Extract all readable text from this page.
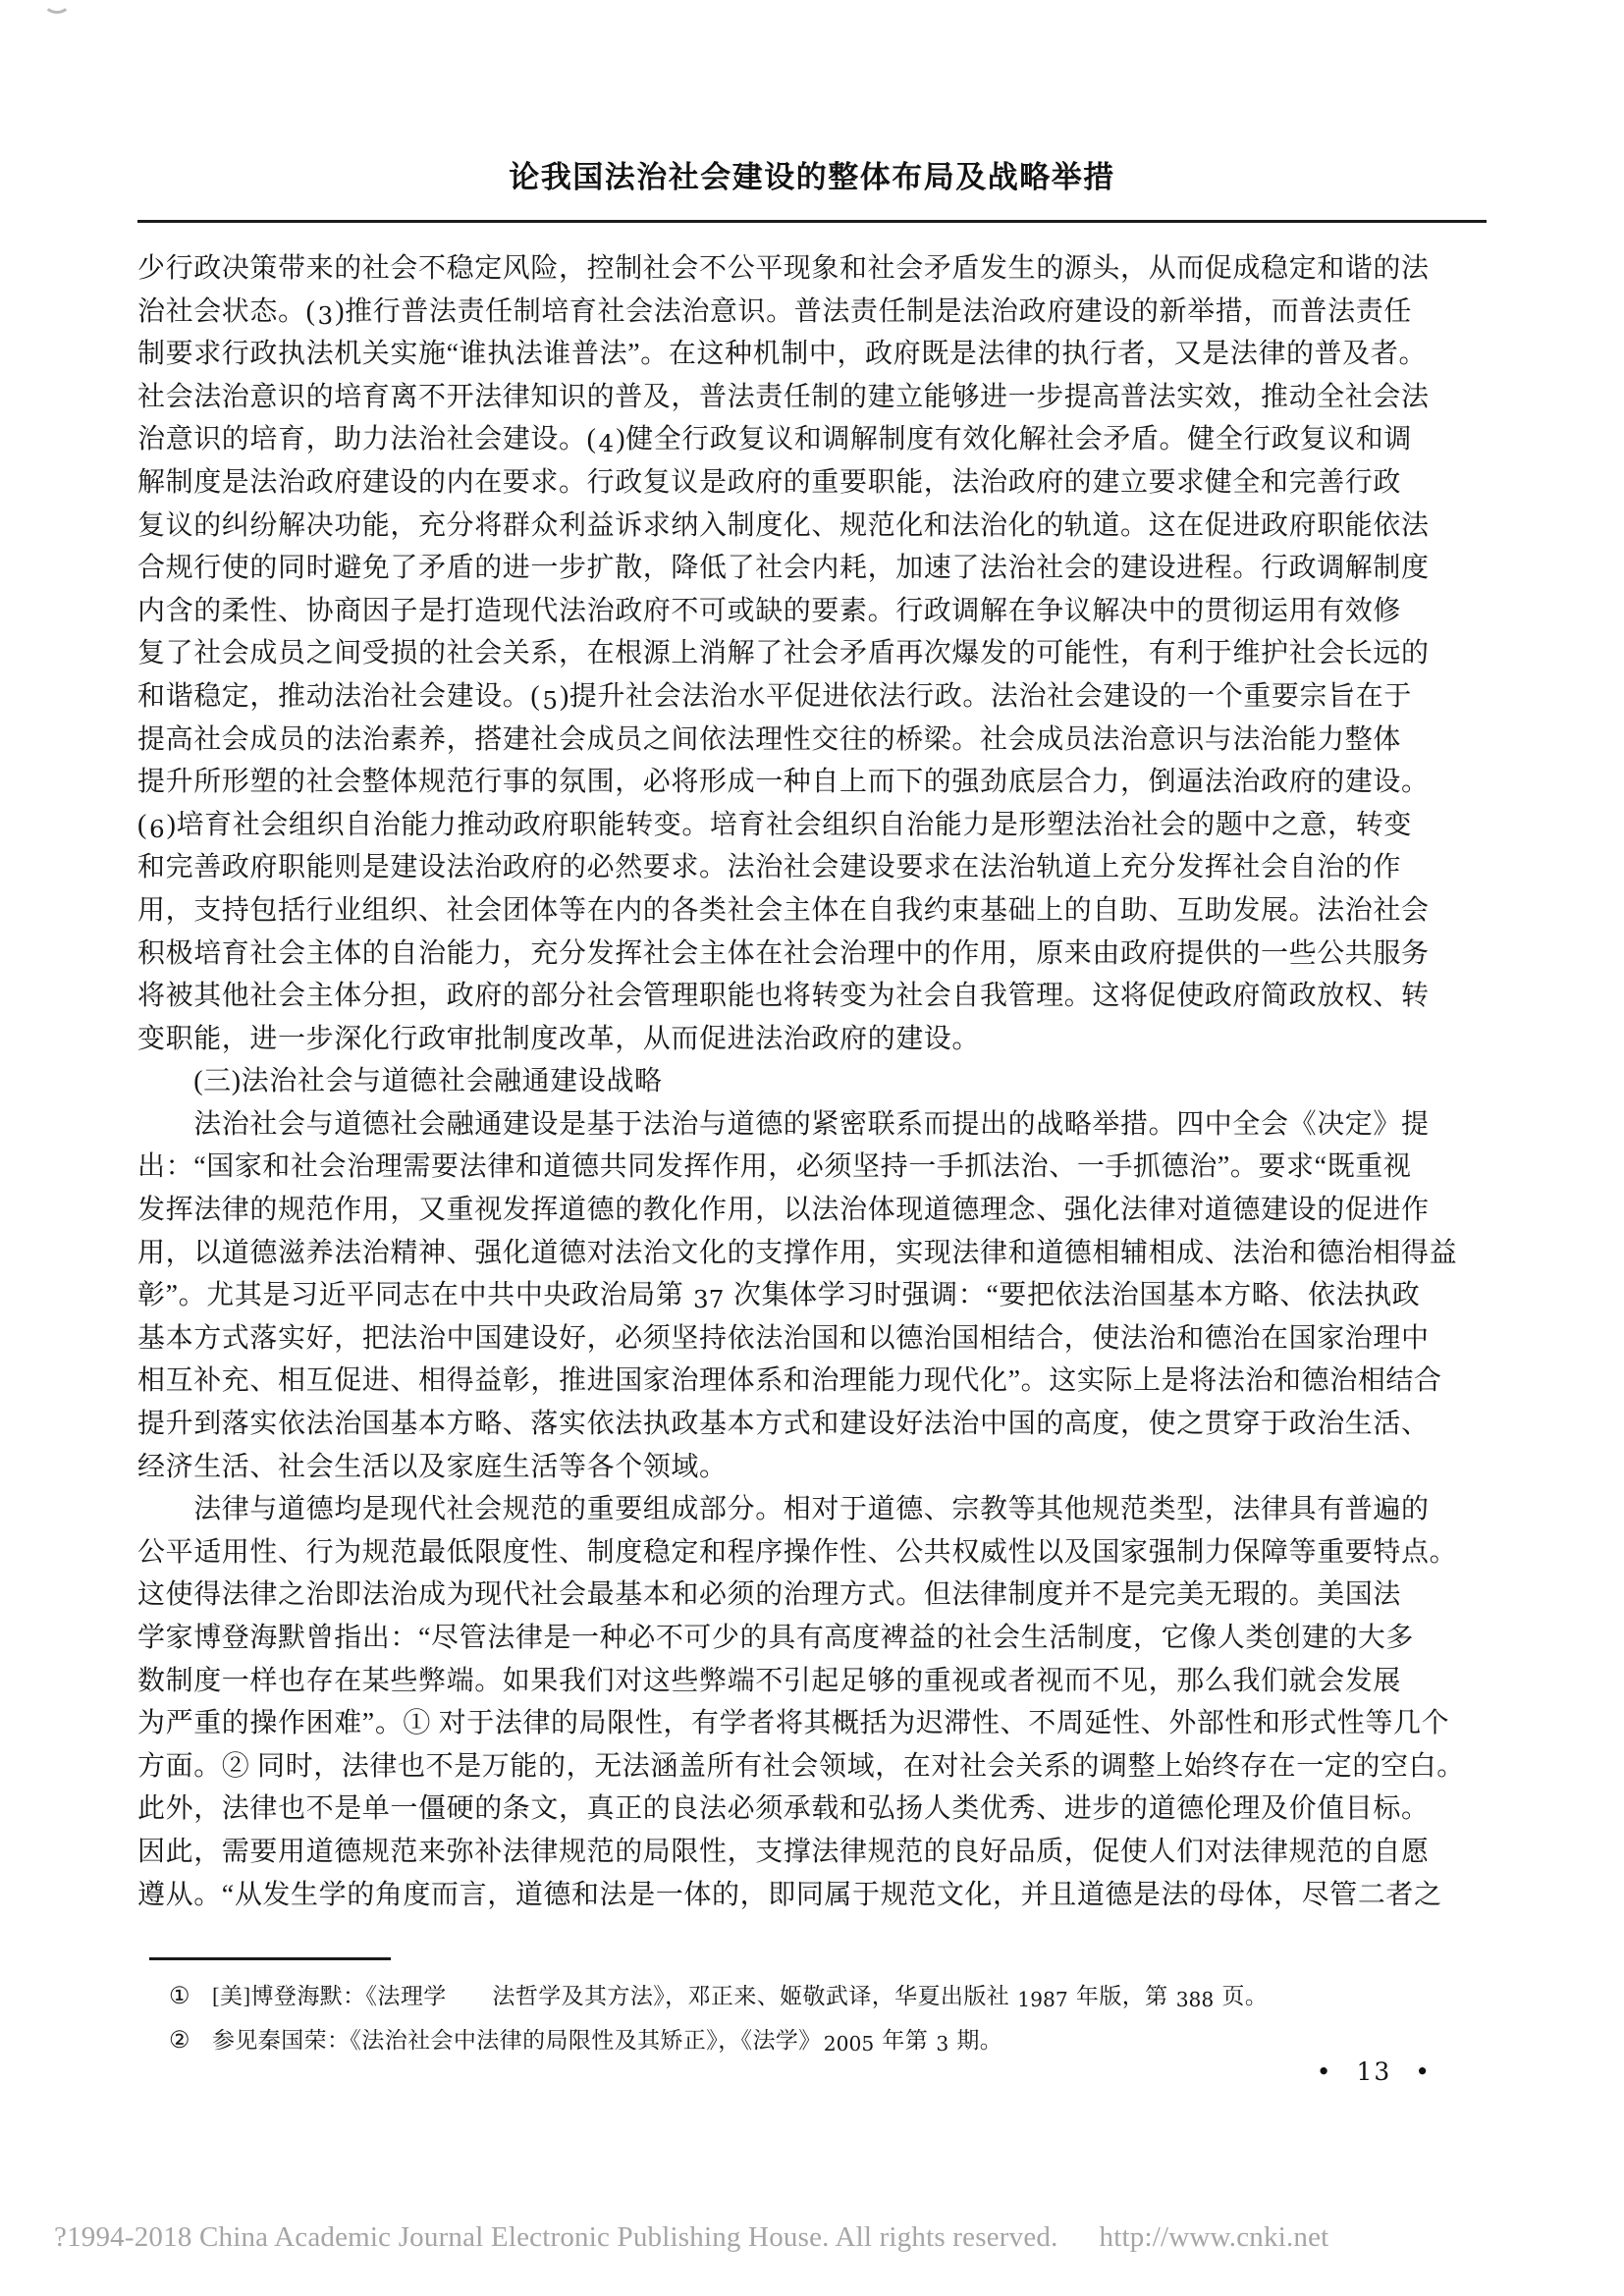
论我国法治社会建设的整体布局及战略举措
少行政决策带来的社会不稳定风险，控制社会不公平现象和社会矛盾发生的源头，从而促成稳定和谐的法
治社会状态。(3)推行普法责任制培育社会法治意识。普法责任制是法治政府建设的新举措，而普法责任
制要求行政执法机关实施“谁执法谁普法”。在这种机制中，政府既是法律的执行者，又是法律的普及者。
社会法治意识的培育离不开法律知识的普及，普法责任制的建立能够进一步提高普法实效，推动全社会法
治意识的培育，助力法治社会建设。(4)健全行政复议和调解制度有效化解社会矛盾。健全行政复议和调
解制度是法治政府建设的内在要求。行政复议是政府的重要职能，法治政府的建立要求健全和完善行政
复议的纠纷解决功能，充分将群众利益诉求纳入制度化、规范化和法治化的轨道。这在促进政府职能依法
合规行使的同时避免了矛盾的进一步扩散，降低了社会内耗，加速了法治社会的建设进程。行政调解制度
内含的柔性、协商因子是打造现代法治政府不可或缺的要素。行政调解在争议解决中的贯彻运用有效修
复了社会成员之间受损的社会关系，在根源上消解了社会矛盾再次爆发的可能性，有利于维护社会长远的
和谐稳定，推动法治社会建设。(5)提升社会法治水平促进依法行政。法治社会建设的一个重要宗旨在于
提高社会成员的法治素养，搭建社会成员之间依法理性交往的桥梁。社会成员法治意识与法治能力整体
提升所形塑的社会整体规范行事的氛围，必将形成一种自上而下的强劲底层合力，倒逼法治政府的建设。
(6)培育社会组织自治能力推动政府职能转变。培育社会组织自治能力是形塑法治社会的题中之意，转变
和完善政府职能则是建设法治政府的必然要求。法治社会建设要求在法治轨道上充分发挥社会自治的作
用，支持包括行业组织、社会团体等在内的各类社会主体在自我约束基础上的自助、互助发展。法治社会
积极培育社会主体的自治能力，充分发挥社会主体在社会治理中的作用，原来由政府提供的一些公共服务
将被其他社会主体分担，政府的部分社会管理职能也将转变为社会自我管理。这将促使政府简政放权、转
变职能，进一步深化行政审批制度改革，从而促进法治政府的建设。
　　(三)法治社会与道德社会融通建设战略
　　法治社会与道德社会融通建设是基于法治与道德的紧密联系而提出的战略举措。四中全会《决定》提
出：“国家和社会治理需要法律和道德共同发挥作用，必须坚持一手抓法治、一手抓德治”。要求“既重视
发挥法律的规范作用，又重视发挥道德的教化作用，以法治体现道德理念、强化法律对道德建设的促进作
用，以道德滋养法治精神、强化道德对法治文化的支撑作用，实现法律和道德相辅相成、法治和德治相得益
彰”。尤其是习近平同志在中共中央政治局第 37 次集体学习时强调：“要把依法治国基本方略、依法执政
基本方式落实好，把法治中国建设好，必须坚持依法治国和以德治国相结合，使法治和德治在国家治理中
相互补充、相互促进、相得益彰，推进国家治理体系和治理能力现代化”。这实际上是将法治和德治相结合
提升到落实依法治国基本方略、落实依法执政基本方式和建设好法治中国的高度，使之贯穿于政治生活、
经济生活、社会生活以及家庭生活等各个领域。
　　法律与道德均是现代社会规范的重要组成部分。相对于道德、宗教等其他规范类型，法律具有普遍的
公平适用性、行为规范最低限度性、制度稳定和程序操作性、公共权威性以及国家强制力保障等重要特点。
这使得法律之治即法治成为现代社会最基本和必须的治理方式。但法律制度并不是完美无瑕的。美国法
学家博登海默曾指出：“尽管法律是一种必不可少的具有高度裨益的社会生活制度，它像人类创建的大多
数制度一样也存在某些弊端。如果我们对这些弊端不引起足够的重视或者视而不见，那么我们就会发展
为严重的操作困难”。① 对于法律的局限性，有学者将其概括为迟滞性、不周延性、外部性和形式性等几个
方面。② 同时，法律也不是万能的，无法涵盖所有社会领域，在对社会关系的调整上始终存在一定的空白。
此外，法律也不是单一僵硬的条文，真正的良法必须承载和弘扬人类优秀、进步的道德伦理及价值目标。
因此，需要用道德规范来弥补法律规范的局限性，支撑法律规范的良好品质，促使人们对法律规范的自愿
遵从。“从发生学的角度而言，道德和法是一体的，即同属于规范文化，并且道德是法的母体，尽管二者之
① [美]博登海默：《法理学　　法哲学及其方法》，邓正来、姬敬武译，华夏出版社 1987 年版，第 388 页。
② 参见秦国荣：《法治社会中法律的局限性及其矫正》，《法学》2005 年第 3 期。
• 13 •
?1994-2018 China Academic Journal Electronic Publishing House. All rights reserved. http://www.cnki.net
